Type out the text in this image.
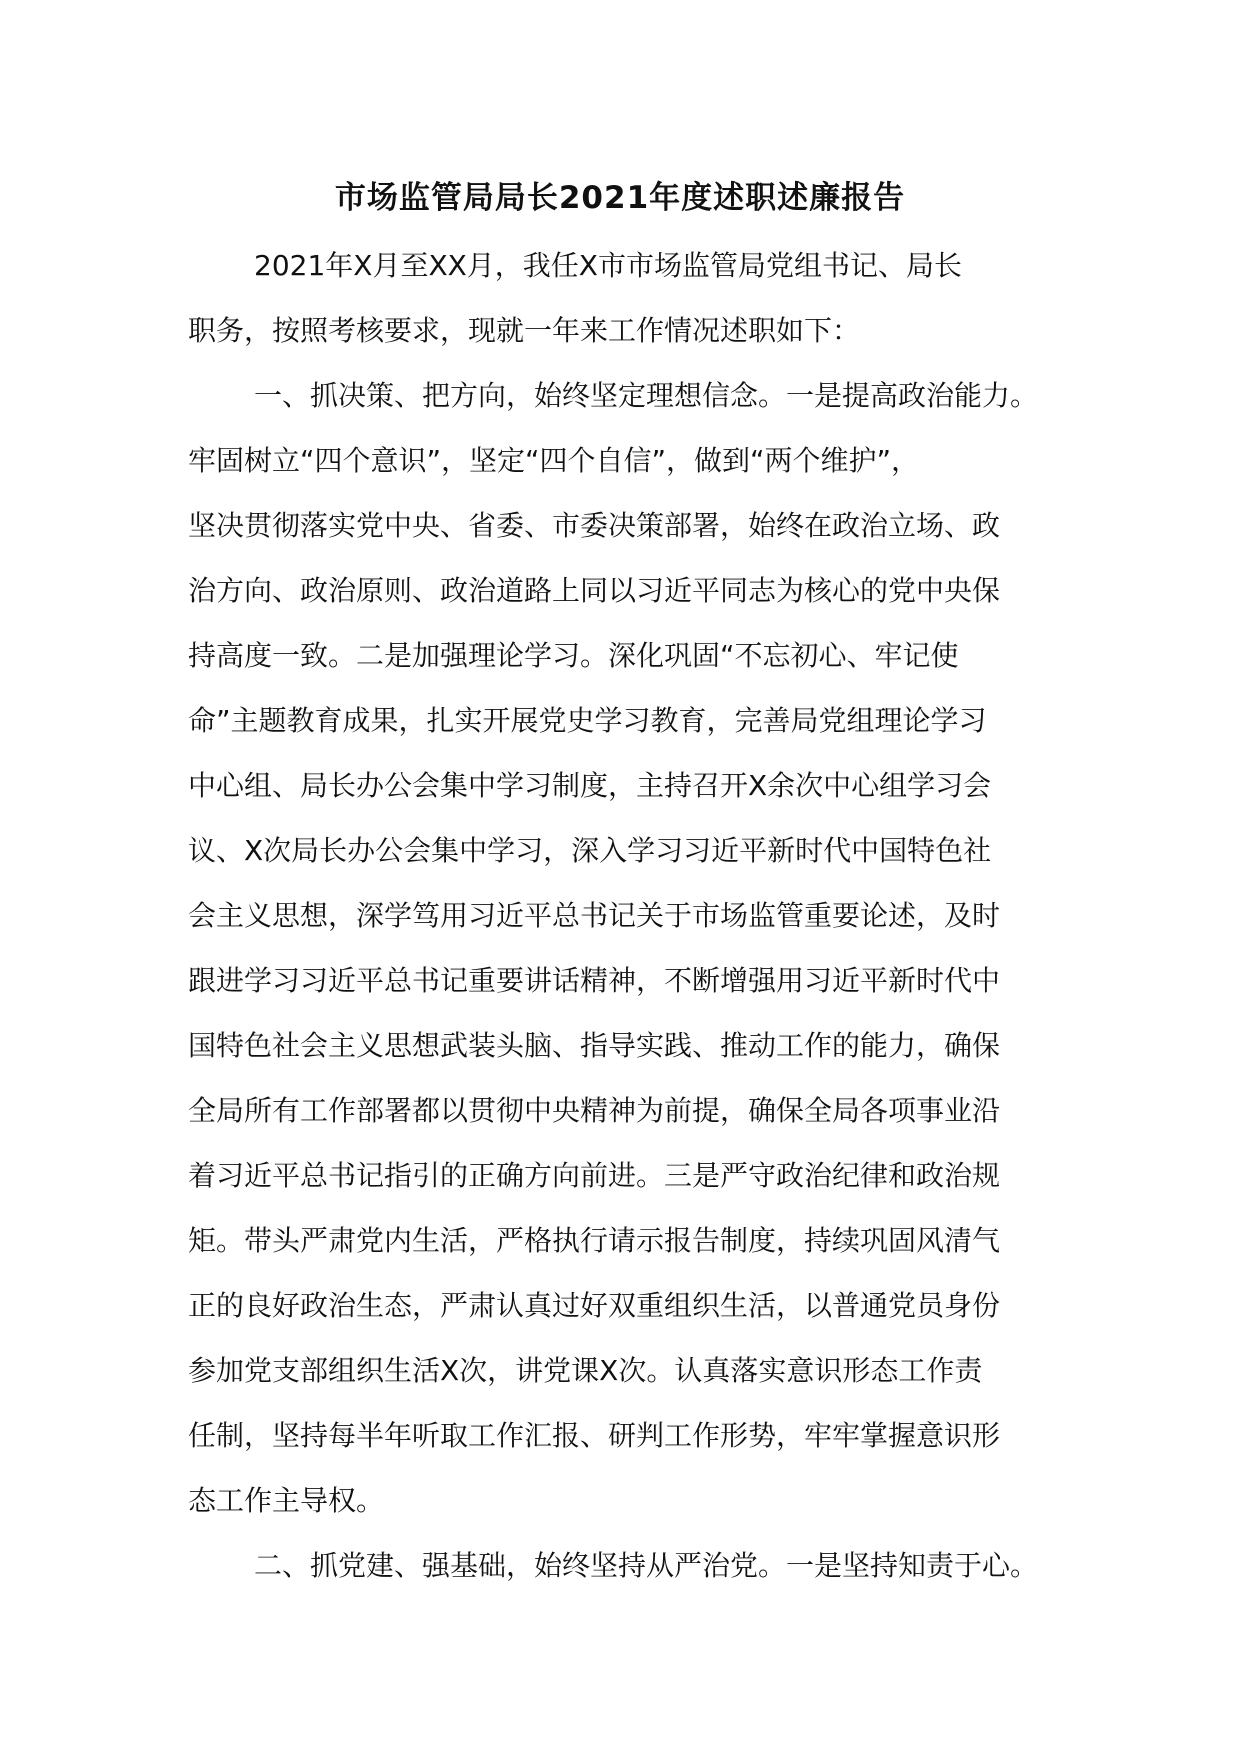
市场监管局局长2021年度述职述廉报告
2021年X月至XX月，我任X市市场监管局党组书记、局长
职务，按照考核要求，现就一年来工作情况述职如下：
一、抓决策、把方向，始终坚定理想信念。一是提高政治能力。
牢固树立“四个意识”，坚定“四个自信”，做到“两个维护”，
坚决贯彻落实党中央、省委、市委决策部署，始终在政治立场、政
治方向、政治原则、政治道路上同以习近平同志为核心的党中央保
持高度一致。二是加强理论学习。深化巩固“不忘初心、牢记使
命”主题教育成果，扎实开展党史学习教育，完善局党组理论学习
中心组、局长办公会集中学习制度，主持召开X余次中心组学习会
议、X次局长办公会集中学习，深入学习习近平新时代中国特色社
会主义思想，深学笃用习近平总书记关于市场监管重要论述，及时
跟进学习习近平总书记重要讲话精神，不断增强用习近平新时代中
国特色社会主义思想武装头脑、指导实践、推动工作的能力，确保
全局所有工作部署都以贯彻中央精神为前提，确保全局各项事业沿
着习近平总书记指引的正确方向前进。三是严守政治纪律和政治规
矩。带头严肃党内生活，严格执行请示报告制度，持续巩固风清气
正的良好政治生态，严肃认真过好双重组织生活，以普通党员身份
参加党支部组织生活X次，讲党课X次。认真落实意识形态工作责
任制，坚持每半年听取工作汇报、研判工作形势，牢牢掌握意识形
态工作主导权。
二、抓党建、强基础，始终坚持从严治党。一是坚持知责于心。
